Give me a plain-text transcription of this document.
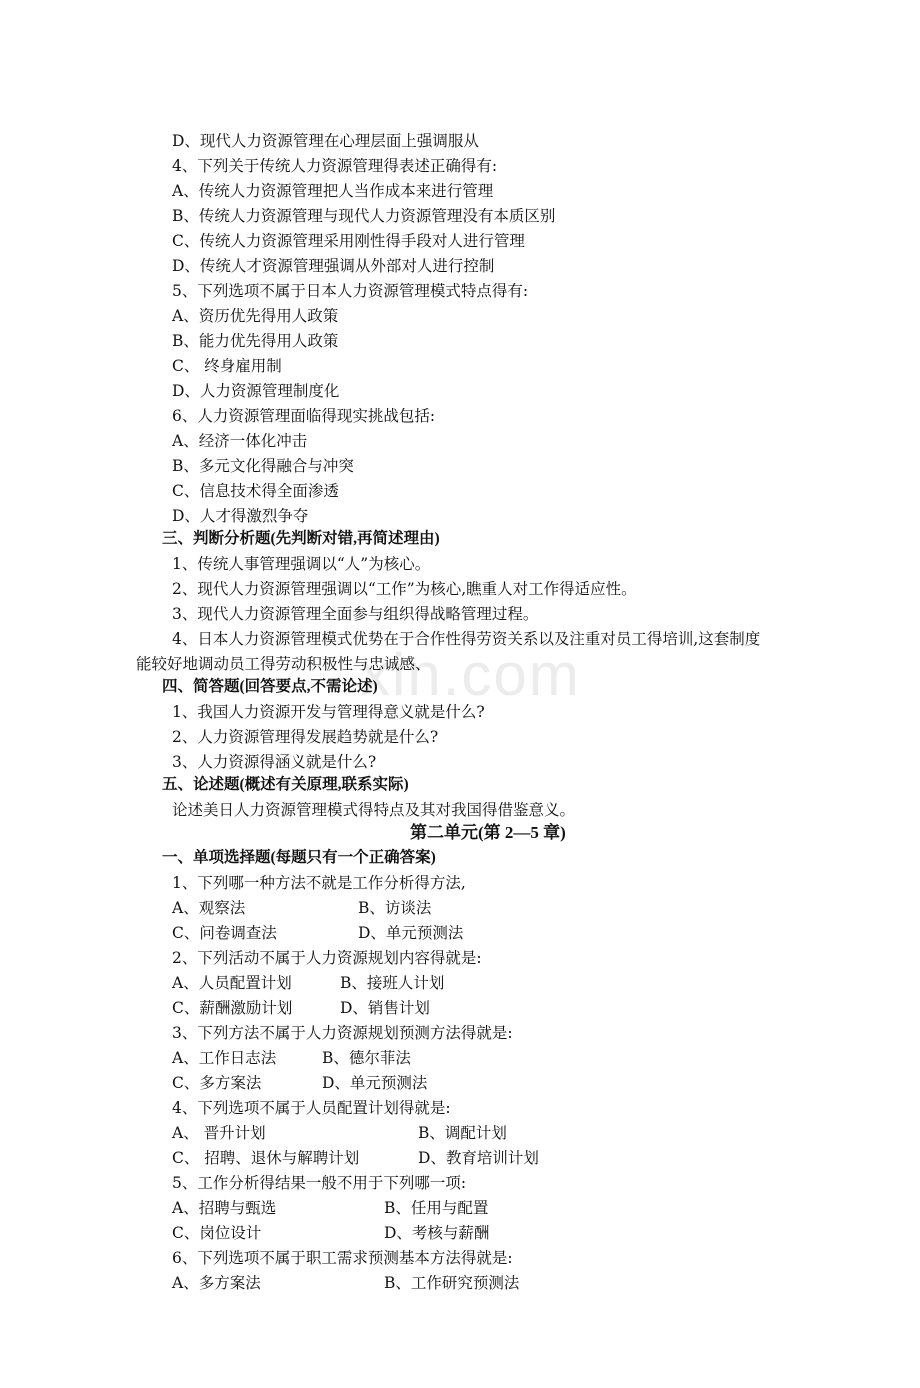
xin.com
D、现代人力资源管理在心理层面上强调服从
4、下列关于传统人力资源管理得表述正确得有:
A、传统人力资源管理把人当作成本来进行管理
B、传统人力资源管理与现代人力资源管理没有本质区别
C、传统人力资源管理采用刚性得手段对人进行管理
D、传统人才资源管理强调从外部对人进行控制
5、下列选项不属于日本人力资源管理模式特点得有:
A、资历优先得用人政策
B、能力优先得用人政策
C、 终身雇用制
D、人力资源管理制度化
6、人力资源管理面临得现实挑战包括:
A、经济一体化冲击
B、多元文化得融合与冲突
C、信息技术得全面渗透
D、人才得激烈争夺
三、判断分析题(先判断对错,再简述理由)
1、传统人事管理强调以“人”为核心。
2、现代人力资源管理强调以“工作”为核心,瞧重人对工作得适应性。
3、现代人力资源管理全面参与组织得战略管理过程。
4、日本人力资源管理模式优势在于合作性得劳资关系以及注重对员工得培训,这套制度
能较好地调动员工得劳动积极性与忠诚感、
四、简答题(回答要点,不需论述)
1、我国人力资源开发与管理得意义就是什么?
2、人力资源管理得发展趋势就是什么?
3、人力资源得涵义就是什么?
五、论述题(概述有关原理,联系实际)
论述美日人力资源管理模式得特点及其对我国得借鉴意义。
第二单元(第 2—5 章)
一、单项选择题(每题只有一个正确答案)
1、下列哪一种方法不就是工作分析得方法,
A、观察法	B、访谈法
C、问卷调查法	D、单元预测法
2、下列活动不属于人力资源规划内容得就是:
A、人员配置计划	B、接班人计划
C、薪酬激励计划	D、销售计划
3、下列方法不属于人力资源规划预测方法得就是:
A、工作日志法	B、德尔菲法
C、多方案法	D、单元预测法
4、下列选项不属于人员配置计划得就是:
A、 晋升计划	B、调配计划
C、 招聘、退休与解聘计划	D、教育培训计划
5、工作分析得结果一般不用于下列哪一项:
A、招聘与甄选	B、任用与配置
C、岗位设计	D、考核与薪酬
6、下列选项不属于职工需求预测基本方法得就是:
A、多方案法	B、工作研究预测法
